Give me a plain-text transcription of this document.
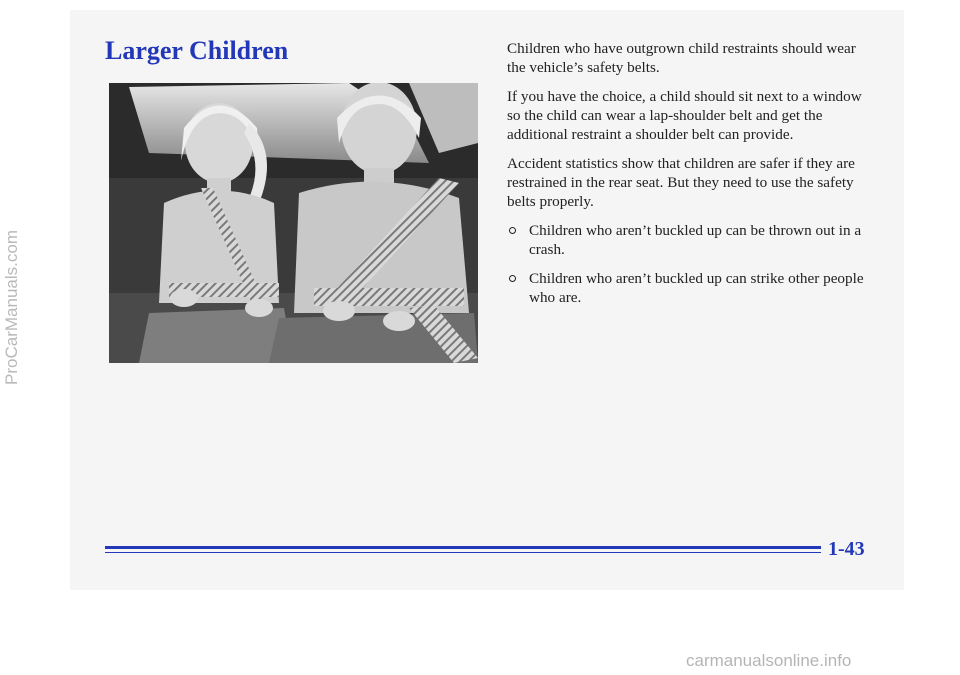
Larger Children	Children who have outgrown child restraints should wear the vehicle’s safety belts.

If you have the choice, a child should sit next to a window so the child can wear a lap-shoulder belt and get the additional restraint a shoulder belt can provide.

Accident statistics show that children are safer if they are restrained in the rear seat. But they need to use the safety belts properly.

Children who aren’t buckled up can be thrown out in a crash.
Children who aren’t buckled up can strike other people who are.
1-43
ProCarManuals.com
carmanualsonline.info
